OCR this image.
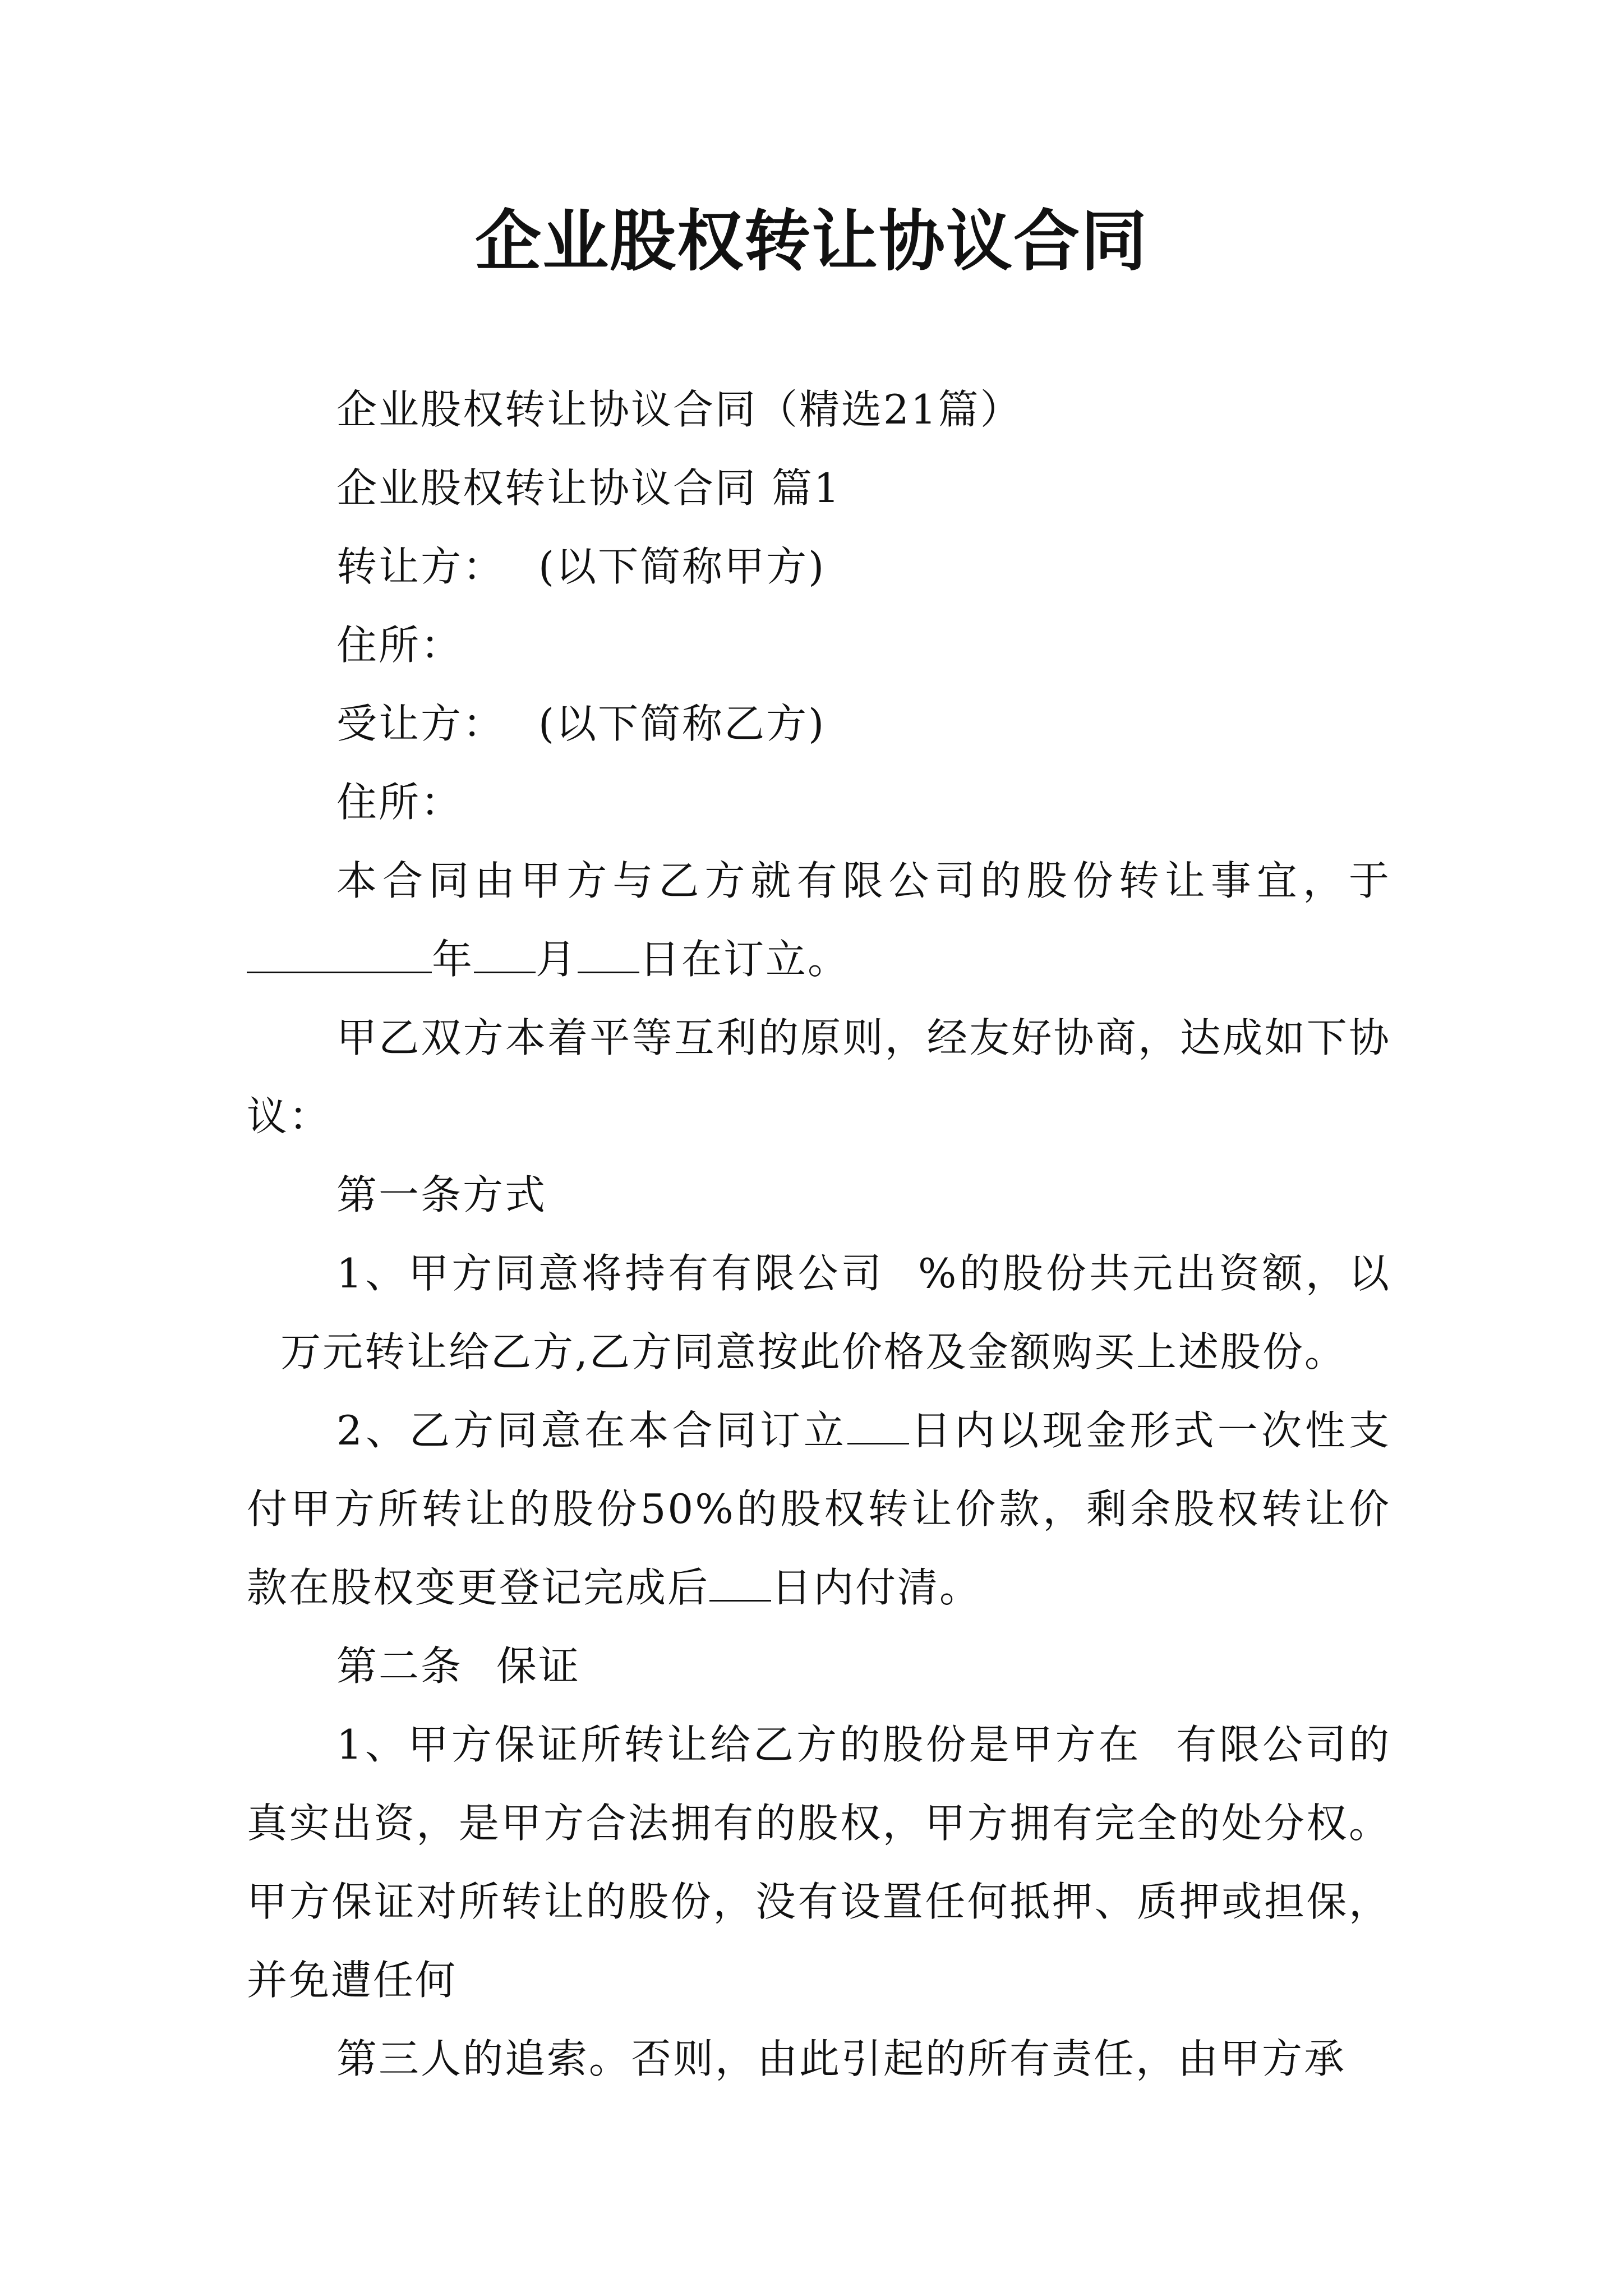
企业股权转让协议合同

企业股权转让协议合同（精选21篇）

企业股权转让协议合同 篇1

转让方： (以下简称甲方)

住所：

受让方： (以下简称乙方)

住所：

本合同由甲方与乙方就有限公司的股份转让事宜，于年 月 日在订立。

甲乙双方本着平等互利的原则，经友好协商，达成如下协议：

第一条方式

1、甲方同意将持有有限公司 %的股份共元出资额，以万元转让给乙方,乙方同意按此价格及金额购买上述股份。

2、乙方同意在本合同订立 日内以现金形式一次性支付甲方所转让的股份50%的股权转让价款，剩余股权转让价款在股权变更登记完成后 日内付清。

第二条 保证

1、甲方保证所转让给乙方的股份是甲方在 有限公司的真实出资，是甲方合法拥有的股权，甲方拥有完全的处分权。甲方保证对所转让的股份，没有设置任何抵押、质押或担保，并免遭任何

第三人的追索。否则，由此引起的所有责任，由甲方承
